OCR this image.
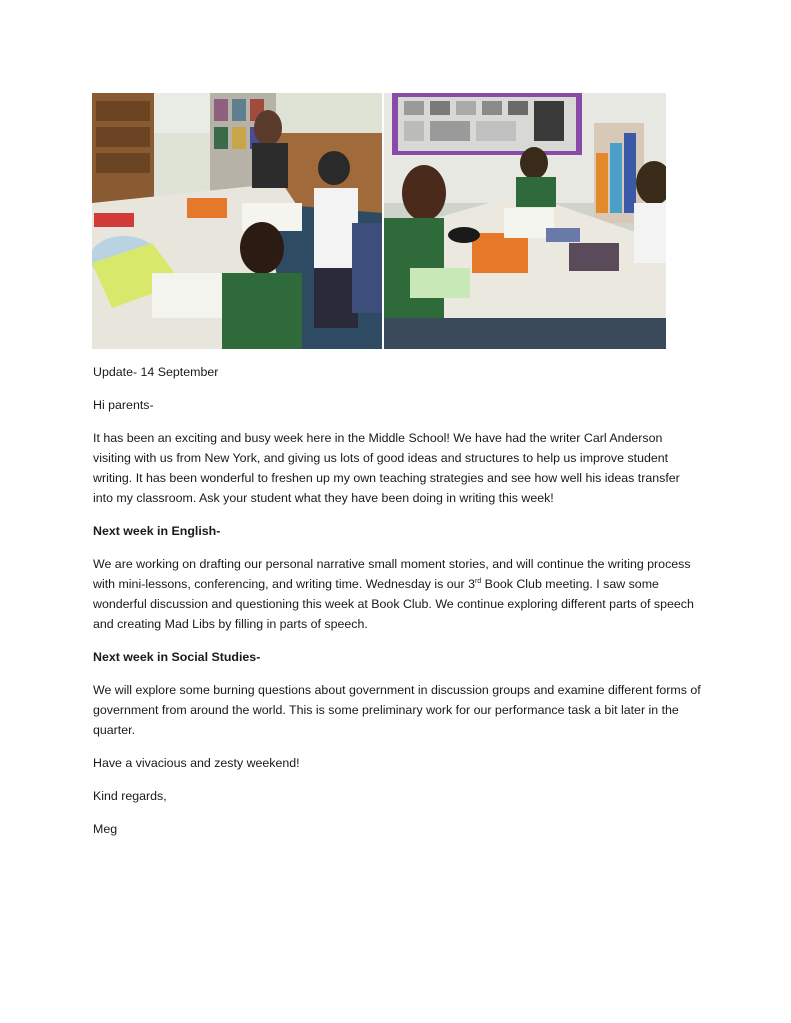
Update- 14 September

Hi parents-

It has been an exciting and busy week here in the Middle School! We have had the writer Carl Anderson visiting with us from New York, and giving us lots of good ideas and structures to help us improve student writing. It has been wonderful to freshen up my own teaching strategies and see how well his ideas transfer into my classroom. Ask your student what they have been doing in writing this week!

Next week in English-

We are working on drafting our personal narrative small moment stories, and will continue the writing process with mini-lessons, conferencing, and writing time. Wednesday is our 3rd Book Club meeting. I saw some wonderful discussion and questioning this week at Book Club. We continue exploring different parts of speech and creating Mad Libs by filling in parts of speech.

Next week in Social Studies-

We will explore some burning questions about government in discussion groups and examine different forms of government from around the world. This is some preliminary work for our performance task a bit later in the quarter.

Have a vivacious and zesty weekend!

Kind regards,

Meg
